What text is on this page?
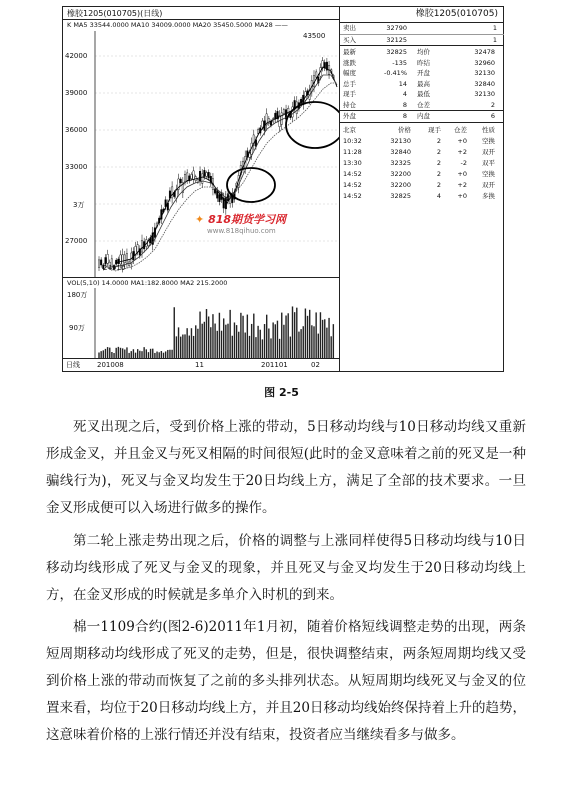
橡胶1205(010705)(日线)
K MA5 33544.0000 MA10 34009.0000 MA20 35450.5000 MA28 ——
42000
39000
36000
33000
3万
27000
43500
24910
✦ 818期货学习网
www.818qihuo.com
VOL(5,10) 14.0000 MA1:182.8000 MA2 215.2000
180万
90万
日线 201008	11	201101	02
橡胶1205(010705)
卖出	32790	1
买入	32125	1
最新	32825	均价	32478
涨跌	-135	昨结	32960
幅度	-0.41%	开盘	32130
总手	14	最高	32840
现手	4	最低	32130
持仓	8	仓差	2
外盘	8	内盘	6
北京	价格	现手	仓差	性质
10:32	32130	2	+0	空换
11:28	32840	2	+2	双开
13:30	32325	2	-2	双平
14:52	32200	2	+0	空换
14:52	32200	2	+2	双开
14:52	32825	4	+0	多换
图 2-5

死叉出现之后，受到价格上涨的带动，5日移动均线与10日移动均线又重新形成金叉，并且金叉与死叉相隔的时间很短(此时的金叉意味着之前的死叉是一种骗线行为)，死叉与金叉均发生于20日均线上方，满足了全部的技术要求。一旦金叉形成便可以入场进行做多的操作。

第二轮上涨走势出现之后，价格的调整与上涨同样使得5日移动均线与10日移动均线形成了死叉与金叉的现象，并且死叉与金叉均发生于20日移动均线上方，在金叉形成的时候就是多单介入时机的到来。

棉一1109合约(图2-6)2011年1月初，随着价格短线调整走势的出现，两条短周期移动均线形成了死叉的走势，但是，很快调整结束，两条短周期均线又受到价格上涨的带动而恢复了之前的多头排列状态。从短周期均线死叉与金叉的位置来看，均位于20日移动均线上方，并且20日移动均线始终保持着上升的趋势，这意味着价格的上涨行情还并没有结束，投资者应当继续看多与做多。
